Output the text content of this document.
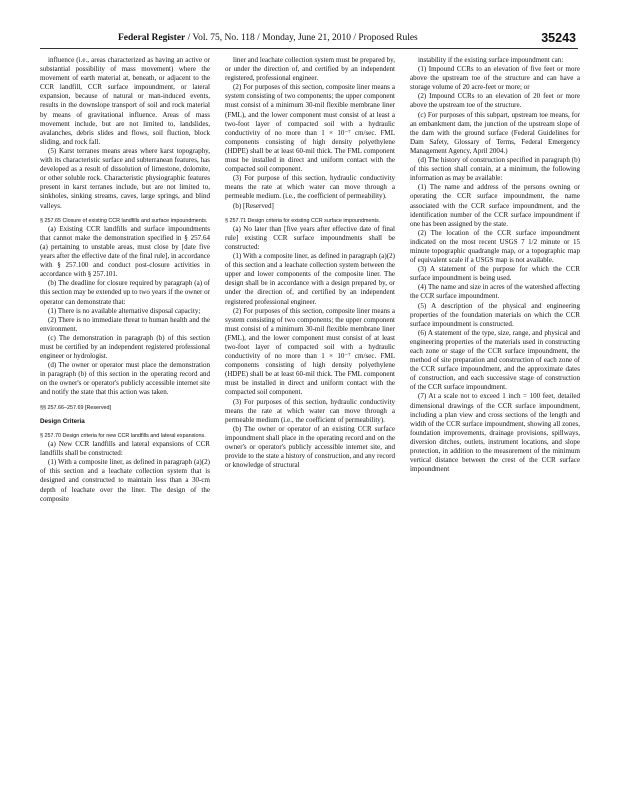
Federal Register / Vol. 75, No. 118 / Monday, June 21, 2010 / Proposed Rules	35243

influence (i.e., areas characterized as having an active or substantial possibility of mass movement) where the movement of earth material at, beneath, or adjacent to the CCR landfill, CCR surface impoundment, or lateral expansion, because of natural or man-induced events, results in the downslope transport of soil and rock material by means of gravitational influence. Areas of mass movement include, but are not limited to, landslides, avalanches, debris slides and flows, soil fluction, block sliding, and rock fall.

(5) Karst terranes means areas where karst topography, with its characteristic surface and subterranean features, has developed as a result of dissolution of limestone, dolomite, or other soluble rock. Characteristic physiographic features present in karst terranes include, but are not limited to, sinkholes, sinking streams, caves, large springs, and blind valleys.

§ 257.65 Closure of existing CCR landfills and surface impoundments.

(a) Existing CCR landfills and surface impoundments that cannot make the demonstration specified in § 257.64 (a) pertaining to unstable areas, must close by [date five years after the effective date of the final rule], in accordance with § 257.100 and conduct post-closure activities in accordance with § 257.101.

(b) The deadline for closure required by paragraph (a) of this section may be extended up to two years if the owner or operator can demonstrate that:

(1) There is no available alternative disposal capacity;

(2) There is no immediate threat to human health and the environment.

(c) The demonstration in paragraph (b) of this section must be certified by an independent registered professional engineer or hydrologist.

(d) The owner or operator must place the demonstration in paragraph (b) of this section in the operating record and on the owner's or operator's publicly accessible internet site and notify the state that this action was taken.

§§ 257.66–257.69 [Reserved]

Design Criteria

§ 257.70 Design criteria for new CCR landfills and lateral expansions.

(a) New CCR landfills and lateral expansions of CCR landfills shall be constructed:

(1) With a composite liner, as defined in paragraph (a)(2) of this section and a leachate collection system that is designed and constructed to maintain less than a 30-cm depth of leachate over the liner. The design of the composite

liner and leachate collection system must be prepared by, or under the direction of, and certified by an independent registered, professional engineer.

(2) For purposes of this section, composite liner means a system consisting of two components; the upper component must consist of a minimum 30-mil flexible membrane liner (FML), and the lower component must consist of at least a two-foot layer of compacted soil with a hydraulic conductivity of no more than 1 × 10⁻⁷ cm/sec. FML components consisting of high density polyethylene (HDPE) shall be at least 60-mil thick. The FML component must be installed in direct and uniform contact with the compacted soil component.

(3) For purpose of this section, hydraulic conductivity means the rate at which water can move through a permeable medium. (i.e., the coefficient of permeability).

(b) [Reserved]

§ 257.71 Design criteria for existing CCR surface impoundments.

(a) No later than [five years after effective date of final rule] existing CCR surface impoundments shall be constructed:

(1) With a composite liner, as defined in paragraph (a)(2) of this section and a leachate collection system between the upper and lower components of the composite liner. The design shall be in accordance with a design prepared by, or under the direction of, and certified by an independent registered professional engineer.

(2) For purposes of this section, composite liner means a system consisting of two components; the upper component must consist of a minimum 30-mil flexible membrane liner (FML), and the lower component must consist of at least two-foot layer of compacted soil with a hydraulic conductivity of no more than 1 × 10⁻⁷ cm/sec. FML components consisting of high density polyethylene (HDPE) shall be at least 60-mil thick. The FML component must be installed in direct and uniform contact with the compacted soil component.

(3) For purposes of this section, hydraulic conductivity means the rate at which water can move through a permeable medium (i.e., the coefficient of permeability).

(b) The owner or operator of an existing CCR surface impoundment shall place in the operating record and on the owner's or operator's publicly accessible internet site, and provide to the state a history of construction, and any record or knowledge of structural

instability if the existing surface impoundment can:

(1) Impound CCRs to an elevation of five feet or more above the upstream toe of the structure and can have a storage volume of 20 acre-feet or more; or

(2) Impound CCRs to an elevation of 20 feet or more above the upstream toe of the structure.

(c) For purposes of this subpart, upstream toe means, for an embankment dam, the junction of the upstream slope of the dam with the ground surface (Federal Guidelines for Dam Safety, Glossary of Terms, Federal Emergency Management Agency, April 2004.)

(d) The history of construction specified in paragraph (b) of this section shall contain, at a minimum, the following information as may be available:

(1) The name and address of the persons owning or operating the CCR surface impoundment, the name associated with the CCR surface impoundment, and the identification number of the CCR surface impoundment if one has been assigned by the state.

(2) The location of the CCR surface impoundment indicated on the most recent USGS 7 1/2 minute or 15 minute topographic quadrangle map, or a topographic map of equivalent scale if a USGS map is not available.

(3) A statement of the purpose for which the CCR surface impoundment is being used.

(4) The name and size in acres of the watershed affecting the CCR surface impoundment.

(5) A description of the physical and engineering properties of the foundation materials on which the CCR surface impoundment is constructed.

(6) A statement of the type, size, range, and physical and engineering properties of the materials used in constructing each zone or stage of the CCR surface impoundment, the method of site preparation and construction of each zone of the CCR surface impoundment, and the approximate dates of construction, and each successive stage of construction of the CCR surface impoundment.

(7) At a scale not to exceed 1 inch = 100 feet, detailed dimensional drawings of the CCR surface impoundment, including a plan view and cross sections of the length and width of the CCR surface impoundment, showing all zones, foundation improvements, drainage provisions, spillways, diversion ditches, outlets, instrument locations, and slope protection, in addition to the measurement of the minimum vertical distance between the crest of the CCR surface impoundment
